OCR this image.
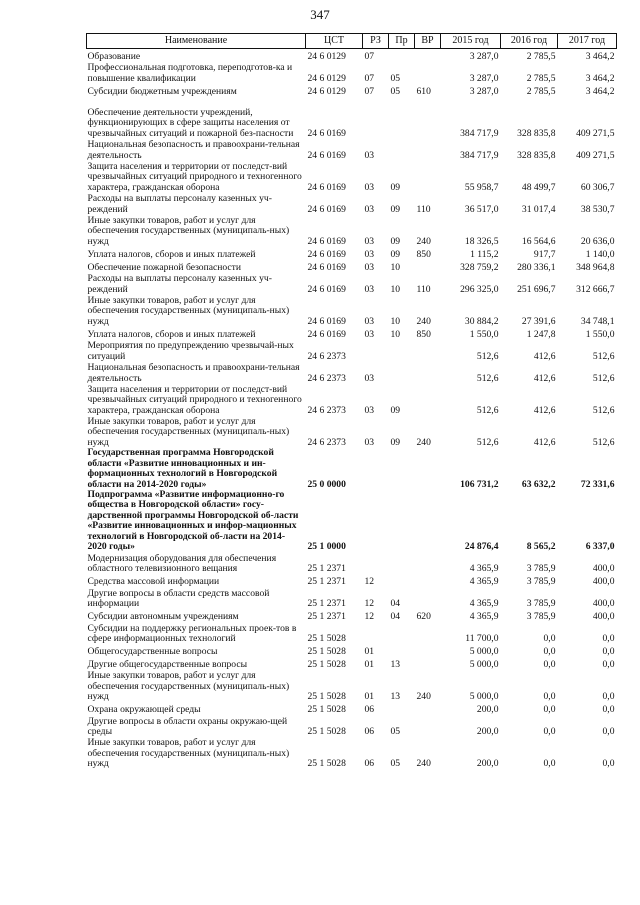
347
Наименование	ЦСТ	РЗ	Пр	ВР	2015 год	2016 год	2017 год
Образование	24 6 0129	07			3 287,0	2 785,5	3 464,2
Профессиональная подготовка, переподготов-ка и повышение квалификации	24 6 0129	07	05		3 287,0	2 785,5	3 464,2
Субсидии бюджетным учреждениям	24 6 0129	07	05	610	3 287,0	2 785,5	3 464,2
Обеспечение деятельности учреждений, функционирующих в сфере защиты населения от чрезвычайных ситуаций и пожарной без-пасности	24 6 0169				384 717,9	328 835,8	409 271,5
Национальная безопасность и правоохрани-тельная деятельность	24 6 0169	03			384 717,9	328 835,8	409 271,5
Защита населения и территории от последст-вий чрезвычайных ситуаций природного и техногенного характера, гражданская оборона	24 6 0169	03	09		55 958,7	48 499,7	60 306,7
Расходы на выплаты персоналу казенных уч-реждений	24 6 0169	03	09	110	36 517,0	31 017,4	38 530,7
Иные закупки товаров, работ и услуг для обеспечения государственных (муниципаль-ных) нужд	24 6 0169	03	09	240	18 326,5	16 564,6	20 636,0
Уплата налогов, сборов и иных платежей	24 6 0169	03	09	850	1 115,2	917,7	1 140,0
Обеспечение пожарной безопасности	24 6 0169	03	10		328 759,2	280 336,1	348 964,8
Расходы на выплаты персоналу казенных уч-реждений	24 6 0169	03	10	110	296 325,0	251 696,7	312 666,7
Иные закупки товаров, работ и услуг для обеспечения государственных (муниципаль-ных) нужд	24 6 0169	03	10	240	30 884,2	27 391,6	34 748,1
Уплата налогов, сборов и иных платежей	24 6 0169	03	10	850	1 550,0	1 247,8	1 550,0
Мероприятия по предупреждению чрезвычай-ных ситуаций	24 6 2373				512,6	412,6	512,6
Национальная безопасность и правоохрани-тельная деятельность	24 6 2373	03			512,6	412,6	512,6
Защита населения и территории от последст-вий чрезвычайных ситуаций природного и техногенного характера, гражданская оборона	24 6 2373	03	09		512,6	412,6	512,6
Иные закупки товаров, работ и услуг для обеспечения государственных (муниципаль-ных) нужд	24 6 2373	03	09	240	512,6	412,6	512,6
Государственная программа Новгородской области «Развитие инновационных и ин-формационных технологий в Новгородской области на 2014-2020 годы»	25 0 0000				106 731,2	63 632,2	72 331,6
Подпрограмма «Развитие информационно-го общества в Новгородской области» госу-дарственной программы Новгородской об-ласти «Развитие инновационных и инфор-мационных технологий в Новгородской об-ласти на 2014-2020 годы»	25 1 0000				24 876,4	8 565,2	6 337,0
Модернизация оборудования для обеспечения областного телевизионного вещания	25 1 2371				4 365,9	3 785,9	400,0
Средства массовой информации	25 1 2371	12			4 365,9	3 785,9	400,0
Другие вопросы в области средств массовой информации	25 1 2371	12	04		4 365,9	3 785,9	400,0
Субсидии автономным учреждениям	25 1 2371	12	04	620	4 365,9	3 785,9	400,0
Субсидии на поддержку региональных проек-тов в сфере информационных технологий	25 1 5028				11 700,0	0,0	0,0
Общегосударственные вопросы	25 1 5028	01			5 000,0	0,0	0,0
Другие общегосударственные вопросы	25 1 5028	01	13		5 000,0	0,0	0,0
Иные закупки товаров, работ и услуг для обеспечения государственных (муниципаль-ных) нужд	25 1 5028	01	13	240	5 000,0	0,0	0,0
Охрана окружающей среды	25 1 5028	06			200,0	0,0	0,0
Другие вопросы в области охраны окружаю-щей среды	25 1 5028	06	05		200,0	0,0	0,0
Иные закупки товаров, работ и услуг для обеспечения государственных (муниципаль-ных) нужд	25 1 5028	06	05	240	200,0	0,0	0,0
